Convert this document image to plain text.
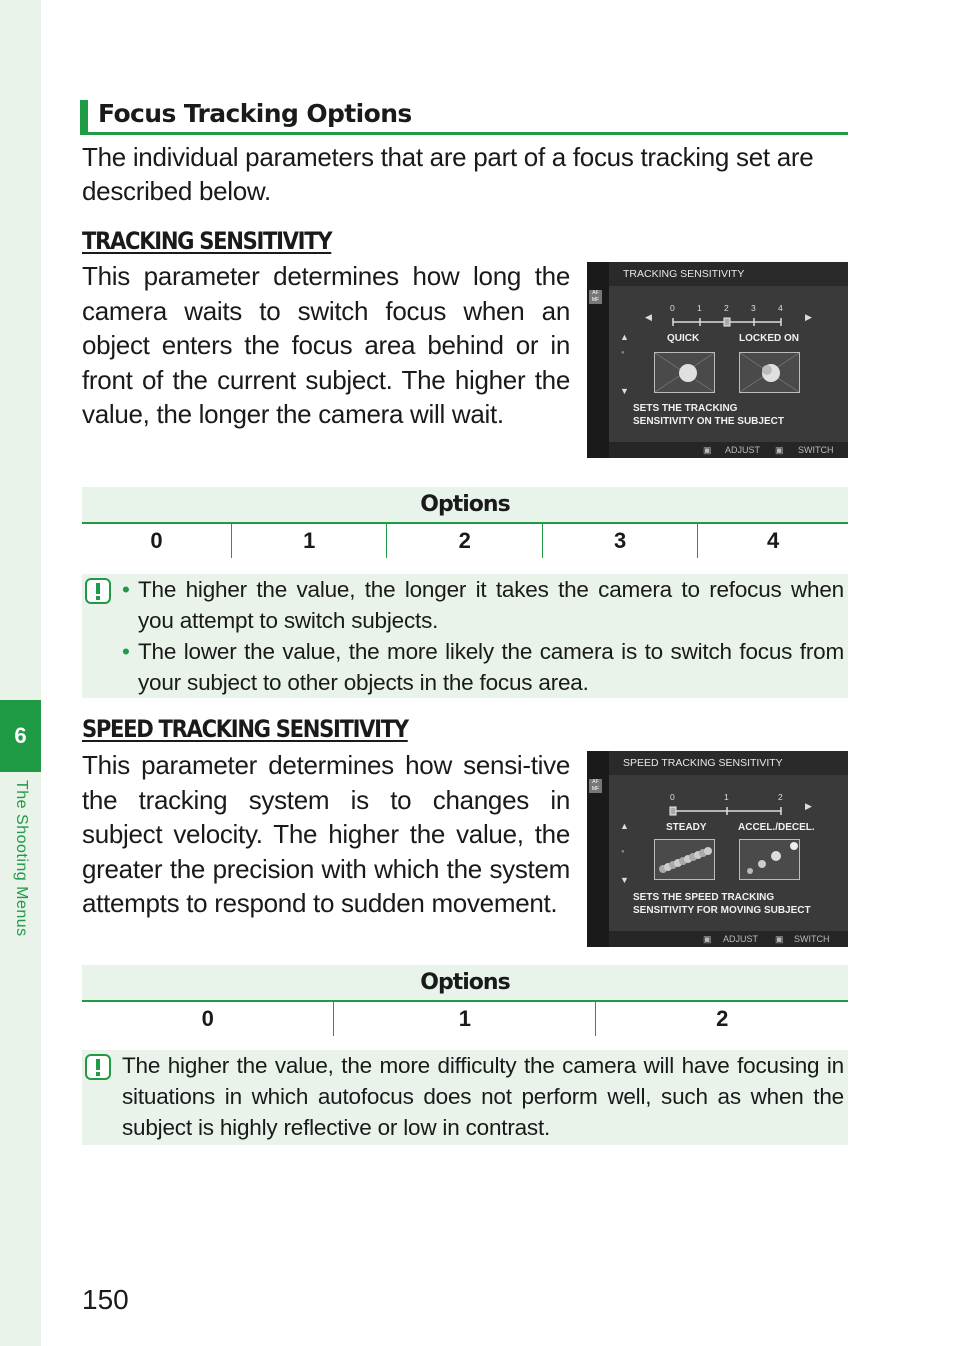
6
The Shooting Menus
Focus Tracking Options
The individual parameters that are part of a focus tracking set are described below.
TRACKING SENSITIVITY
This parameter determines how long the camera waits to switch focus when an object enters the focus area behind or in front of the current subject. The higher the value, the longer the camera will wait.
AF MF
TRACKING SENSITIVITY
▲
●
▼
◀	▶
0	1	2	3	4
QUICK	LOCKED ON
SETS THE TRACKING
SENSITIVITY ON THE SUBJECT
▣ ADJUST ▣ SWITCH
Options
0	1	2	3	4
• The higher the value, the longer it takes the camera to refocus when you attempt to switch subjects.
• The lower the value, the more likely the camera is to switch focus from your subject to other objects in the focus area.
SPEED TRACKING SENSITIVITY
This parameter determines how sensi-tive the tracking system is to changes in subject velocity. The higher the value, the greater the precision with which the system attempts to respond to sudden movement.
AF MF
SPEED TRACKING SENSITIVITY
▲
●
▼
▶
0	1	2
STEADY	ACCEL./DECEL.
SETS THE SPEED TRACKING
SENSITIVITY FOR MOVING SUBJECT
▣ ADJUST ▣ SWITCH
Options
0	1	2
The higher the value, the more difficulty the camera will have focusing in situations in which autofocus does not perform well, such as when the subject is highly reflective or low in contrast.
150
